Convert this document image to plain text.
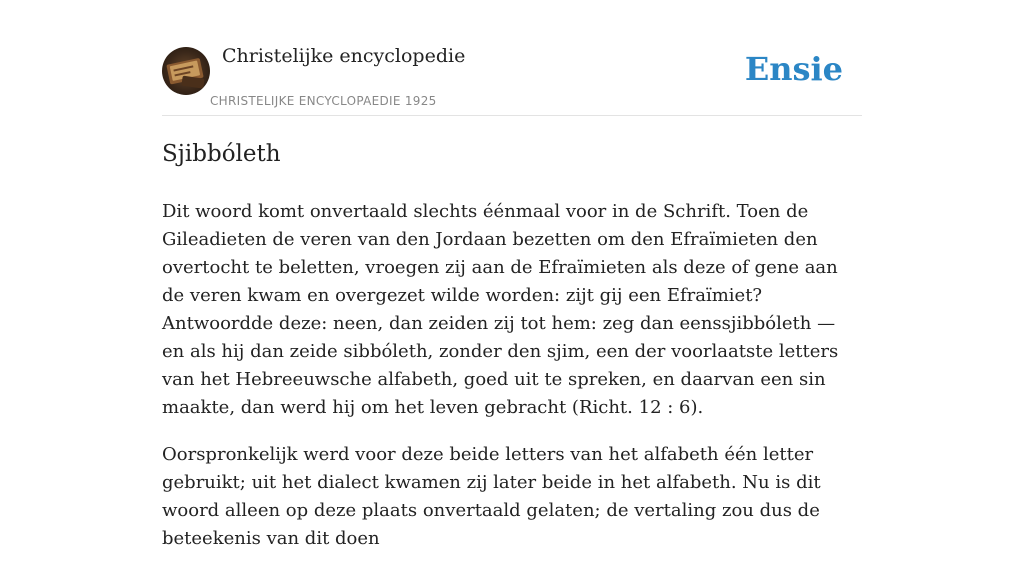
Christelijke encyclopedie
CHRISTELIJKE ENCYCLOPAEDIE 1925
Ensie
Sjibbóleth

Dit woord komt onvertaald slechts éénmaal voor in de Schrift. Toen de Gileadieten de veren van den Jordaan bezetten om den Efraïmieten den overtocht te beletten, vroegen zij aan de Efraïmieten als deze of gene aan de veren kwam en overgezet wilde worden: zijt gij een Efraïmiet? Antwoordde deze: neen, dan zeiden zij tot hem: zeg dan eenssjibbóleth — en als hij dan zeide sibbóleth, zonder den sjim, een der voorlaatste letters van het Hebreeuwsche alfabeth, goed uit te spreken, en daarvan een sin maakte, dan werd hij om het leven gebracht (Richt. 12 : 6).

Oorspronkelijk werd voor deze beide letters van het alfabeth één letter gebruikt; uit het dialect kwamen zij later beide in het alfabeth. Nu is dit woord alleen op deze plaats onvertaald gelaten; de vertaling zou dus de beteekenis van dit doen
